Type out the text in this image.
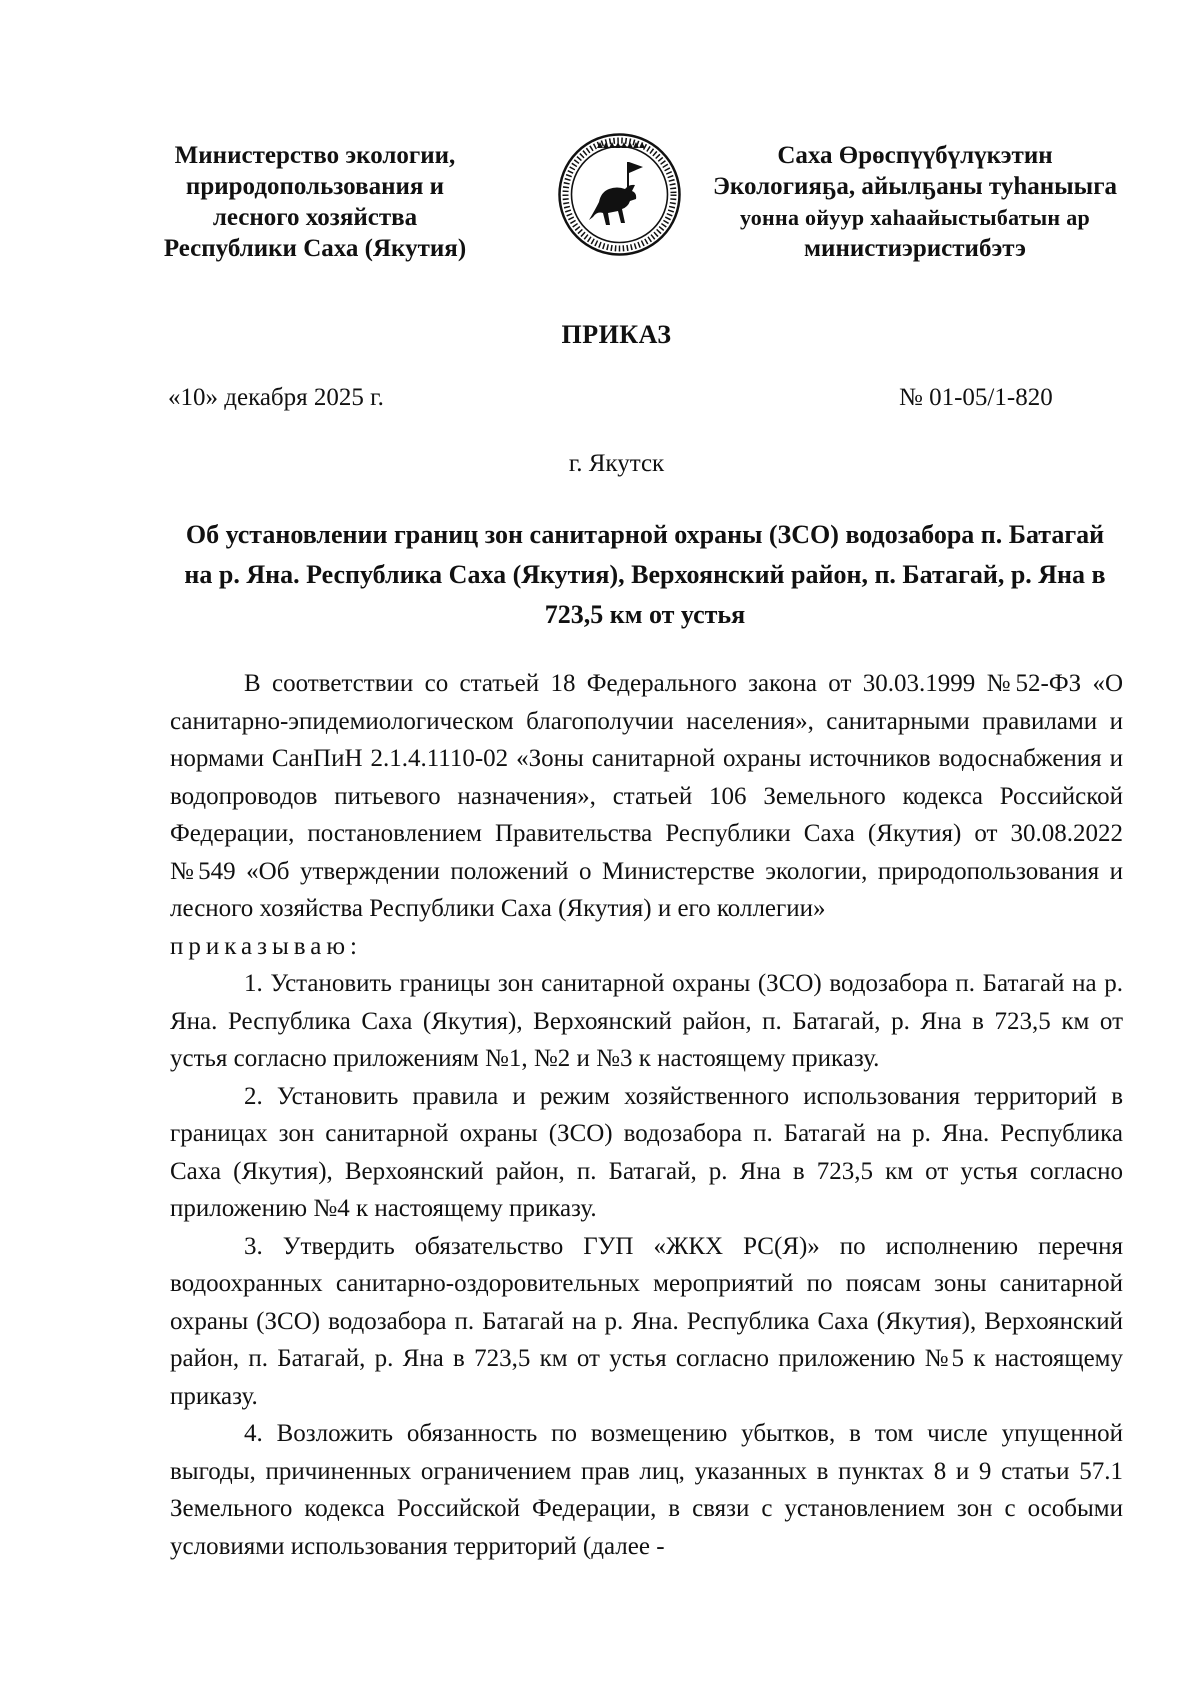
Министерство экологии,
природопользования и
лесного хозяйства
Республики Саха (Якутия)
Саха Өрөспүүбүлүкэтин
Экологияҕа, айылҕаны туһаныыга
уонна ойуур хаһаайыстыбатын ар
министиэристибэтэ
ПРИКАЗ
«10» декабря 2025 г.	№ 01-05/1-820
г. Якутск
Об установлении границ зон санитарной охраны (ЗСО) водозабора п. Батагай на р. Яна. Республика Саха (Якутия), Верхоянский район, п. Батагай, р. Яна в 723,5 км от устья

В соответствии со статьей 18 Федерального закона от 30.03.1999 №52-ФЗ «О санитарно-эпидемиологическом благополучии населения», санитарными правилами и нормами СанПиН 2.1.4.1110-02 «Зоны санитарной охраны источников водоснабжения и водопроводов питьевого назначения», статьей 106 Земельного кодекса Российской Федерации, постановлением Правительства Республики Саха (Якутия) от 30.08.2022 №549 «Об утверждении положений о Министерстве экологии, природопользования и лесного хозяйства Республики Саха (Якутия) и его коллегии»

приказываю:

1. Установить границы зон санитарной охраны (ЗСО) водозабора п. Батагай на р. Яна. Республика Саха (Якутия), Верхоянский район, п. Батагай, р. Яна в 723,5 км от устья согласно приложениям №1, №2 и №3 к настоящему приказу.

2. Установить правила и режим хозяйственного использования территорий в границах зон санитарной охраны (ЗСО) водозабора п. Батагай на р. Яна. Республика Саха (Якутия), Верхоянский район, п. Батагай, р. Яна в 723,5 км от устья согласно приложению №4 к настоящему приказу.

3. Утвердить обязательство ГУП «ЖКХ РС(Я)» по исполнению перечня водоохранных санитарно-оздоровительных мероприятий по поясам зоны санитарной охраны (ЗСО) водозабора п. Батагай на р. Яна. Республика Саха (Якутия), Верхоянский район, п. Батагай, р. Яна в 723,5 км от устья согласно приложению №5 к настоящему приказу.

4. Возложить обязанность по возмещению убытков, в том числе упущенной выгоды, причиненных ограничением прав лиц, указанных в пунктах 8 и 9 статьи 57.1 Земельного кодекса Российской Федерации, в связи с установлением зон с особыми условиями использования территорий (далее -
